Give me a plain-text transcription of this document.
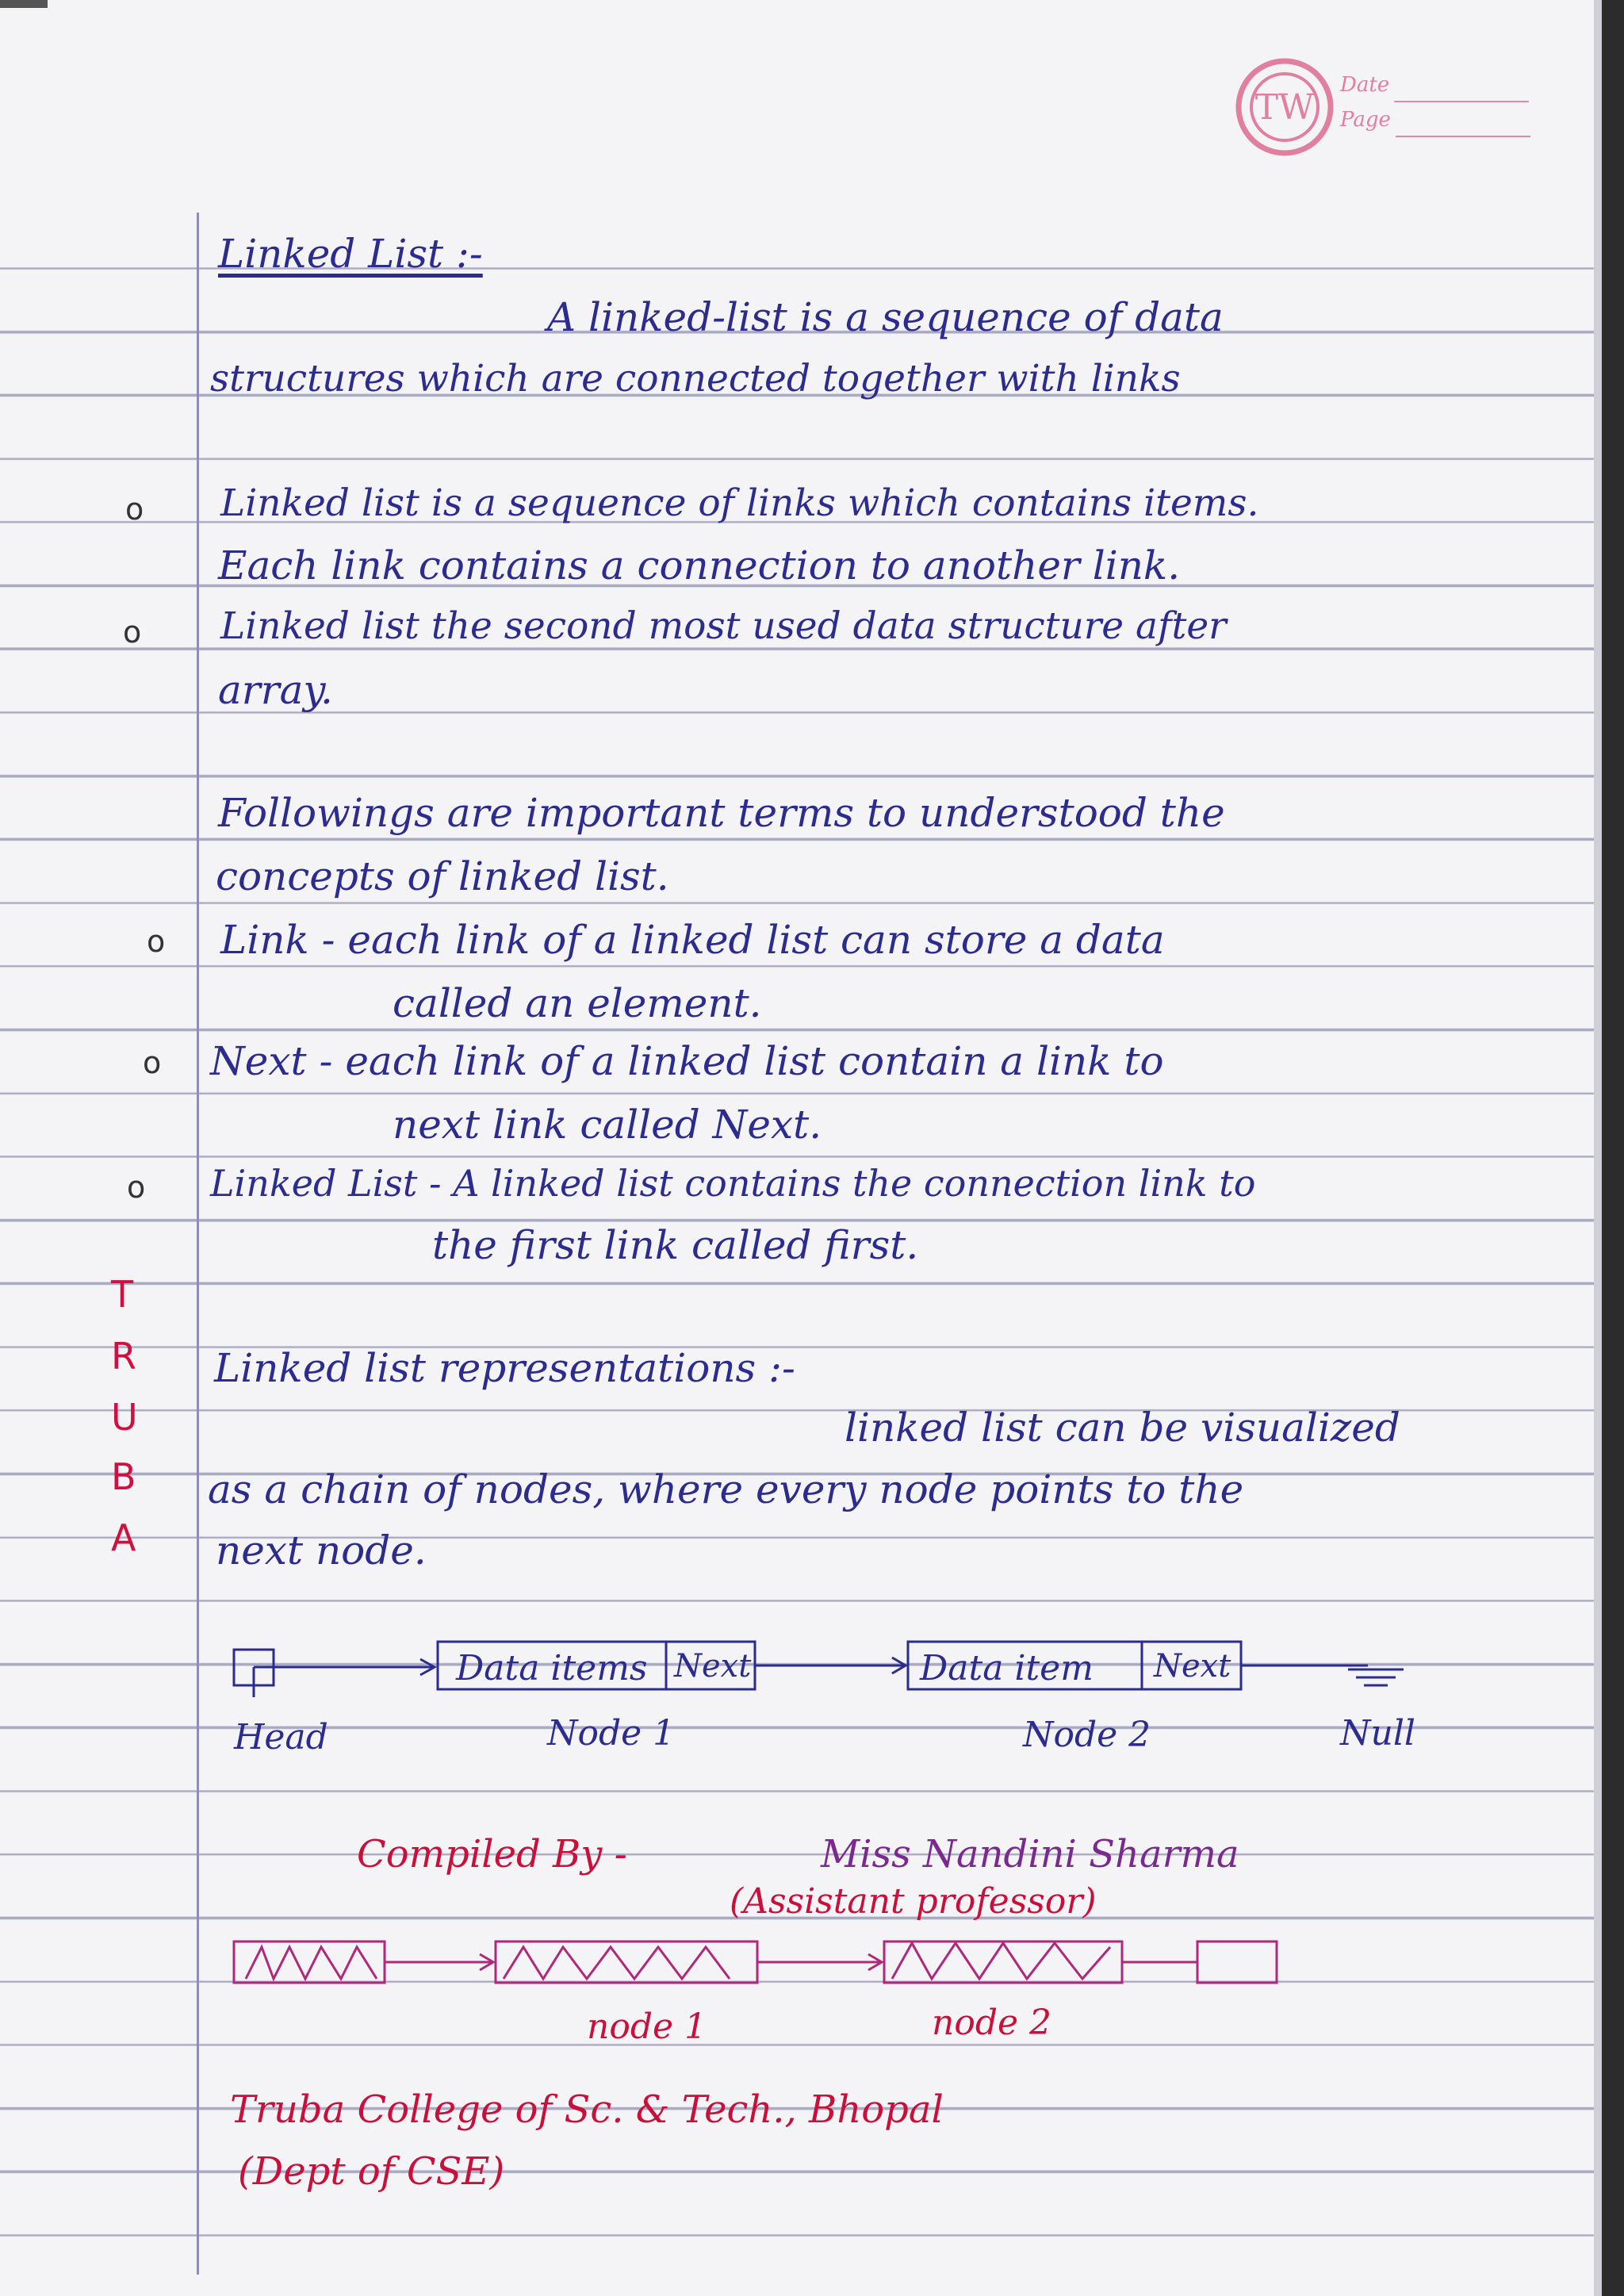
TW
Date
Page
Linked List :-
A linked-list is a sequence of data
structures which are connected together with links
o Linked list is a sequence of links which contains items.
Each link contains a connection to another link.
o Linked list the second most used data structure after
array.
Followings are important terms to understood the
concepts of linked list.
o Link - each link of a linked list can store a data
called an element.
o Next - each link of a linked list contain a link to
next link called Next.
o Linked List - A linked list contains the connection link to
the first link called first.
T
R
U
B
A
Linked list representations :-
linked list can be visualized
as a chain of nodes, where every node points to the
next node.
Data items Next	Data item Next
Head	Node 1	Node 2	Null
Compiled By -	Miss Nandini Sharma
(Assistant professor)
node 1	node 2
Truba College of Sc. & Tech., Bhopal
(Dept of CSE)
